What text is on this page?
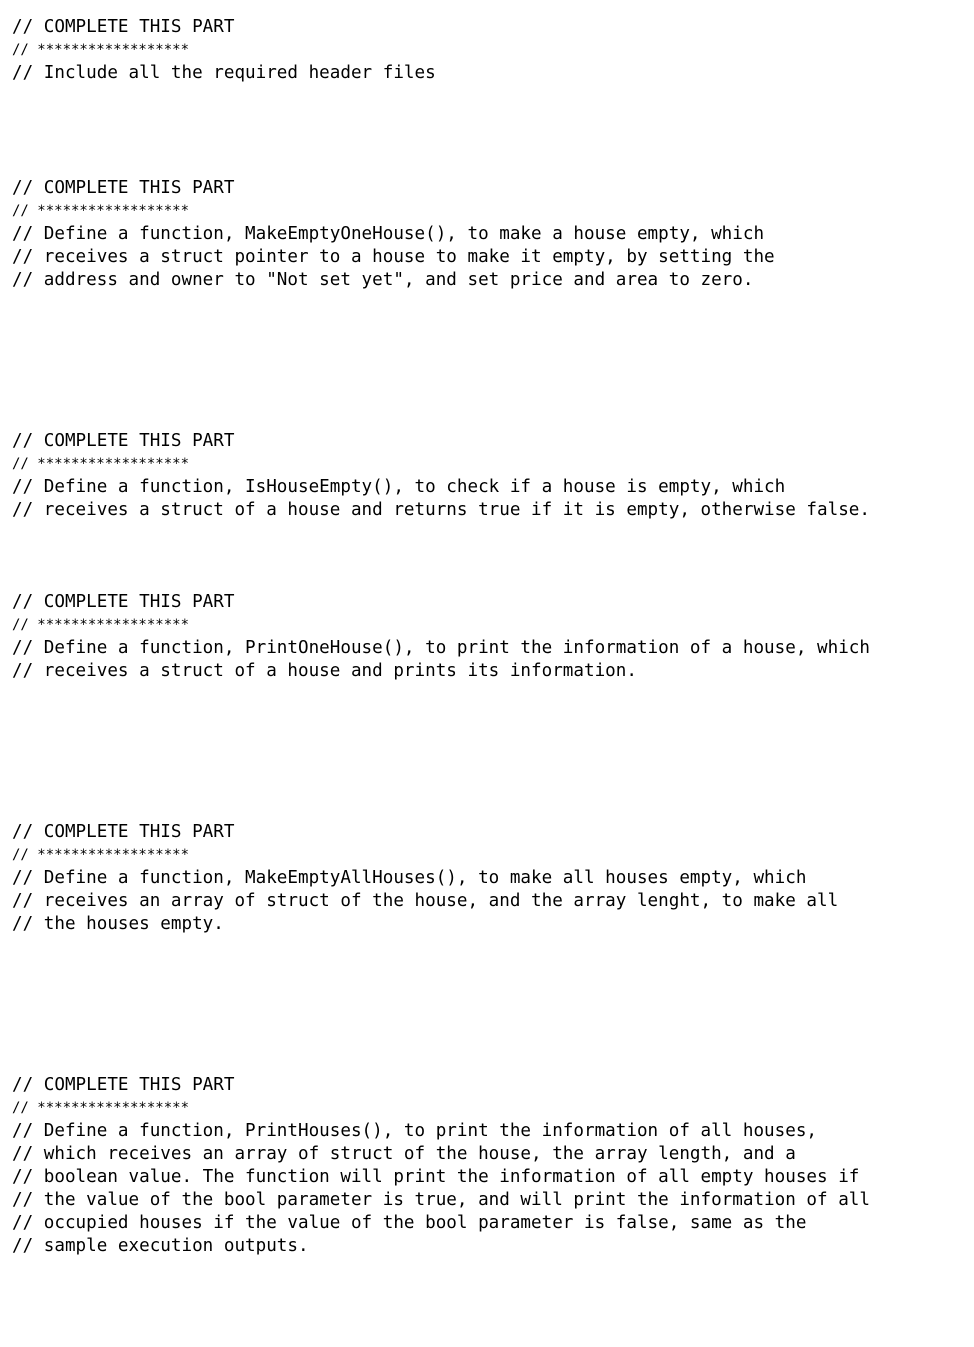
// COMPLETE THIS PART
// ******************
// Include all the required header files
// COMPLETE THIS PART
// ******************
// Define a function, MakeEmptyOneHouse(), to make a house empty, which
// receives a struct pointer to a house to make it empty, by setting the
// address and owner to "Not set yet", and set price and area to zero.
// COMPLETE THIS PART
// ******************
// Define a function, IsHouseEmpty(), to check if a house is empty, which
// receives a struct of a house and returns true if it is empty, otherwise false.
// COMPLETE THIS PART
// ******************
// Define a function, PrintOneHouse(), to print the information of a house, which
// receives a struct of a house and prints its information.
// COMPLETE THIS PART
// ******************
// Define a function, MakeEmptyAllHouses(), to make all houses empty, which
// receives an array of struct of the house, and the array lenght, to make all
// the houses empty.
// COMPLETE THIS PART
// ******************
// Define a function, PrintHouses(), to print the information of all houses,
// which receives an array of struct of the house, the array length, and a
// boolean value. The function will print the information of all empty houses if
// the value of the bool parameter is true, and will print the information of all
// occupied houses if the value of the bool parameter is false, same as the
// sample execution outputs.
